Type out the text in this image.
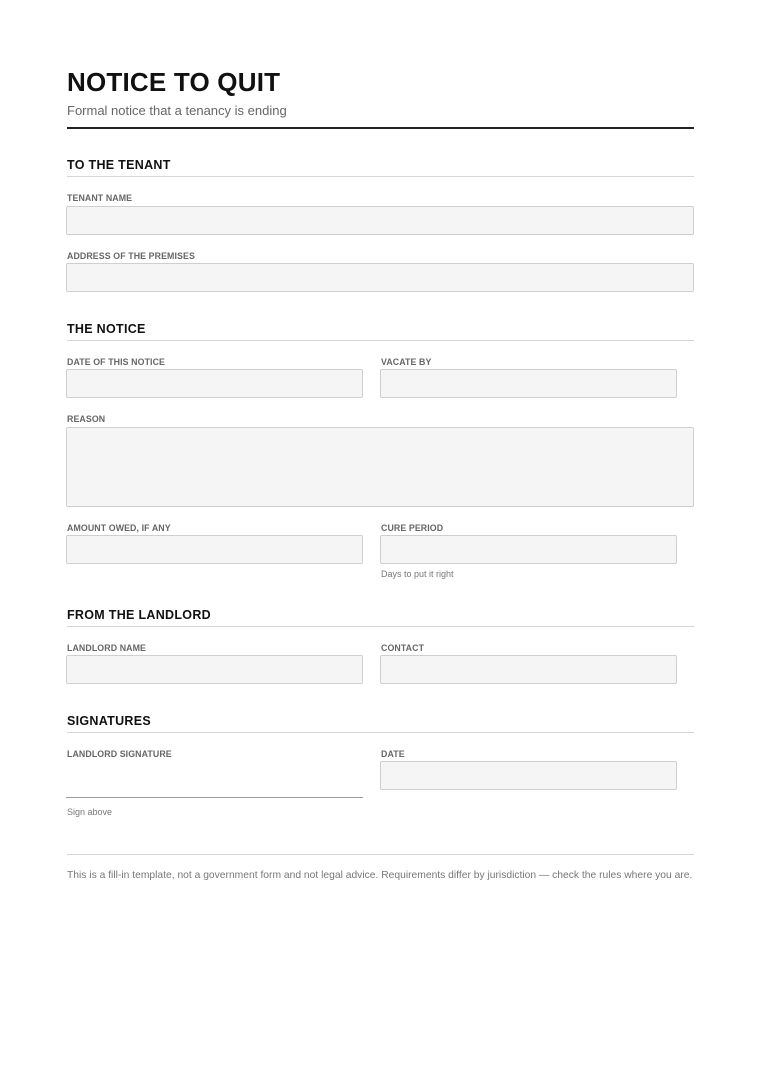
NOTICE TO QUIT
Formal notice that a tenancy is ending
TO THE TENANT
TENANT NAME
ADDRESS OF THE PREMISES
THE NOTICE
DATE OF THIS NOTICE	VACATE BY
REASON
AMOUNT OWED, IF ANY	CURE PERIOD
Days to put it right
FROM THE LANDLORD
LANDLORD NAME	CONTACT
SIGNATURES
LANDLORD SIGNATURE
Sign above
DATE
This is a fill-in template, not a government form and not legal advice. Requirements differ by jurisdiction — check the rules where you are.
